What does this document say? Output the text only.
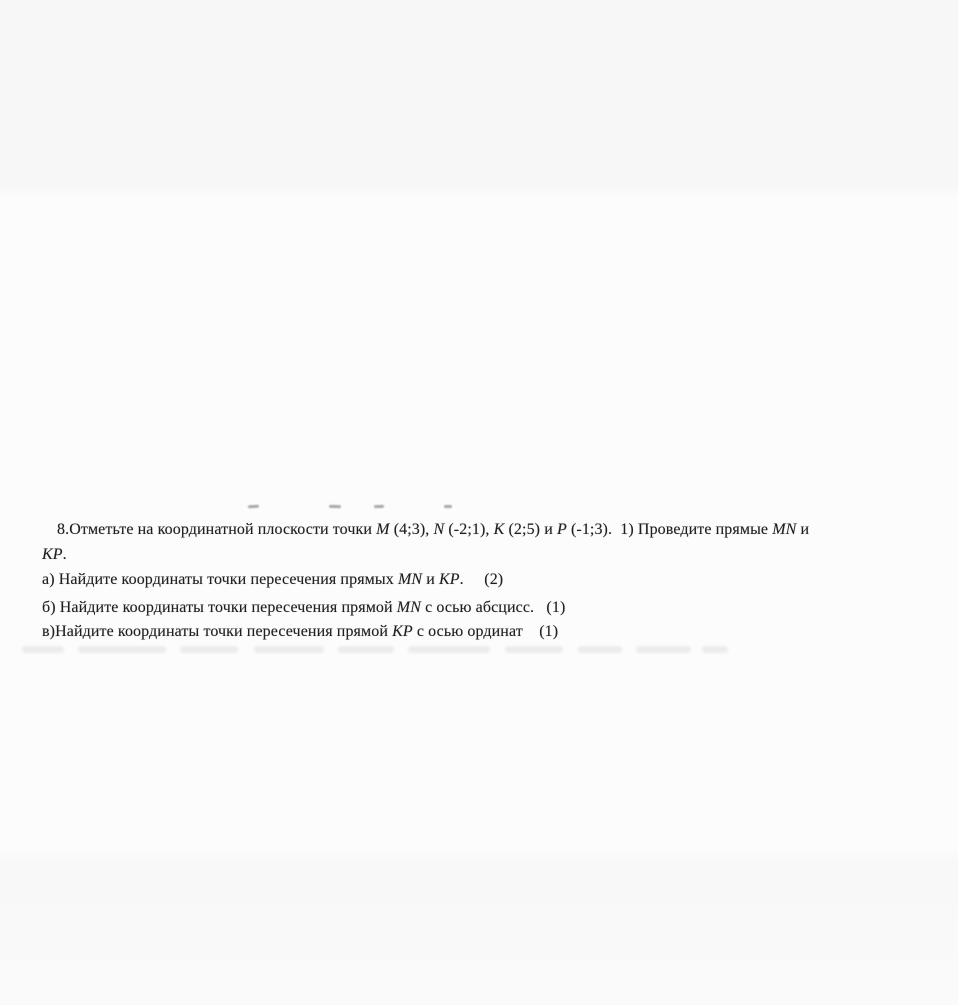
8.Отметьте на координатной плоскости точки M (4;3), N (-2;1), K (2;5) и P (-1;3).  1) Проведите прямые MN и
KP.
а) Найдите координаты точки пересечения прямых MN и KP.     (2)
б) Найдите координаты точки пересечения прямой MN с осью абсцисс.   (1)
в)Найдите координаты точки пересечения прямой KP с осью ординат    (1)
